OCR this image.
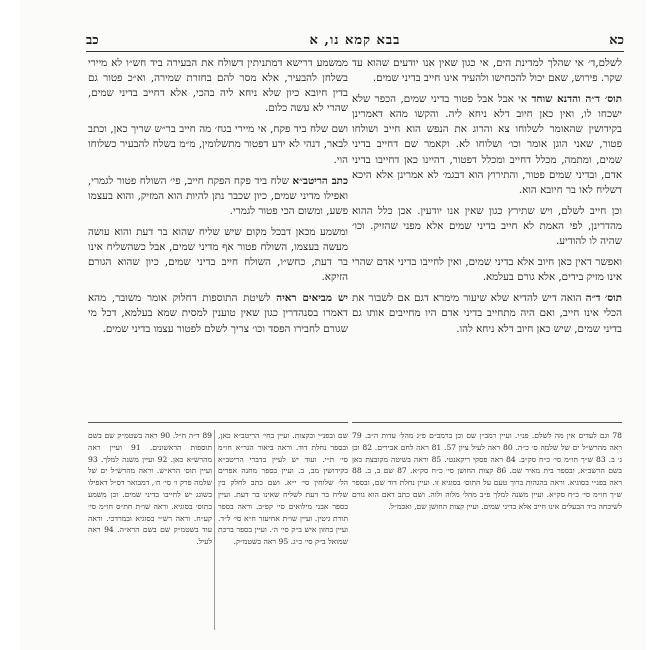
כא
בבא קמא נו, א
כב

לשלם,ד׳ אי שהלך למדינת הים, אי כגון שאין אנו יודעים שהוא עד שקר. פירוש, שאם יכול להכחישו ולהעיד אינו חייב בדיני שמים.

תוס׳ ד״ה והדנא שוחד אי אבל אבל פטור בדיני שמים, הכפר שלא ישכחו לו, ואין כאן חיוב דלא ניחא ליה. והקשו מהא דאמרינן בקידושין שהאומר לשלוחו צא והרוג את הנפש הוא חייב ושולחו פטור, שאני הוגן אומר וכו׳ ושלוחו לא. וקאמר שם דחייב בדיני שמים, ומתמה, מכלל דחייב ומכלל דפטור, דהיינו כאן דחייבו בדיני אדם, ובדיני שמים פטור, והתירוץ הוא דבגמ׳ לא אמרינן אלא היכא דשליח לאו בר חיובא הוא.

וכן חייב לשלם, ויש שתירץ כגון שאין אנו יודעין. אכן כלל ההוא מהדרינן, לפי האמת לא חייב בדיני שמים אלא מפני שהזיק. וכו׳ שהיה לו להודיע.

ואפשר דאין כאן חיוב אלא בדיני שמים, ואין לחייבו בדיני אדם שהרי אינו מזיק בידים, אלא גורם בעלמא.

תוס׳ ד״ה הואה דיש להדיא שלא שיעור מימרא דגם אם לשבור את הכלי אינו חייב, ואם היה מתחייב בדיני אדם היו מחייבים אותו גם בדיני שמים, שיש כאן חיוב דלא ניחא להו.

ממשמע דרישא דמתניתין דשולח את הבעירה ביד חש״ו לא מיירי בשלחן להבעיר, אלא מסר להם בחזרת שמירה, וא״כ פטור גם בדין חיובא כיון שלא ניחא ליה בהכי, אלא דחייב בדיני שמים, שהרי לא עשה כלום.

ושם שלח ביד פקח, אי מיירי בגח׳ מה חייב בר״ש שריך כאן, וכתב לבאר, דנהי לא ידע דפטור מתשלומין, מ״מ בשלח להבעיר כשלוחו הוי.

כתב הריטב״א שלח ביד פקח הפקח חייב, פי׳ השולח פטור לגמרי, ואפילו מדיני שמים, כיון שכבר נתן להיות הוא המזיק, והוא בעצמו פשע, ומשום הכי פטור לגמרי.

ומשמע מכאן דבכל מקום שיש שליח שהוא בר דעת והוא עושה מעשה בעצמו, השולח פטור אף מדיני שמים, אבל כשהשליח אינו בר דעת, כחש״ו, השולח חייב בדיני שמים, כיון שהוא הגורם הזיקא.

יש מביאים ראיה לשיטת התוספות דחלוק אומר משובר, מהא דאמרו בסנהדרין כגון שאין טוענין למסית שמא בעלמא, דכל מי שגורם לחבירו הפסד וכו׳ צריך לשלם לפטור עצמו בדיני שמים.

78 וגם לעדים אין מה לשלם. פנ״י. ועיין רמב״ן שם וכן ברמב״ם פ״ג מהל׳ עדות ה״ב. 79 ראה מהרש״ל ים של שלמה ס׳ כ״ה. 80 ראה לעיל ציון 57. 81 ראה לחם אבירים. 82 וכן ג׳ ב. 83 ש״ך חו״מ סי׳ כ״ח סק״ב. 84 ראה פסקי ריקאנטי. 85 וראה בשיטה מקובצת כאן בשם הרשב״א, ובספר בית מאיר שם. 86 קצות החושן סי׳ כ״ח סק״א. 87 שם ב, ב. 88 ראה בפנ״י בסוגיא. וראה בהגהות ברוך טעם על התוס׳ בסוגיא זו. ועיין נחלת דוד שם, ובספר ש״ך חו״מ סי׳ כ״ח סק״א. ועיין משנה למלך פ״ב מהל׳ מלוה ולוה. ושם כתב דאם הוא גורם לשיכחה ביד הבעלים אינו חייב אלא בדיני שמים. ועיין קצות החושן שם, ואכמ״ל.
שם ובפנ״י ובקצות. ועיין בחי׳ הריטב״א כאן, ובספר נחלת דוד. וראה ביאור הגר״א חו״מ סי׳ ת״י. ועוד יש לעיין בדברי הריטב״א בקידושין מב, ב. ועיין בספר מחנה אפרים הל׳ שלוחין סי׳ י״א. ושם כתב לחלק בין שליח בר דעת לשליח שאינו בר דעת. ועיין בספר אבני מילואים סי׳ קפ״ב. וראה בספר תורת גיטין. ועיין שו״ת אחיעזר ח״א סי׳ ל״ד. ועיין בחזון איש ב״ק סי׳ ה׳. ועיין בספר ברכת שמואל ב״ק סי׳ כ״ג. 95 ראה בשטמ״ק.
89 ד״ה ח״ל. 90 ראה בשטמ״ק שם בשם תוספות הראשונים. 91 ועיין ראה מהרש״א כאן. 92 ועיין משנה למלך. 93 ועיין תוס׳ הרא״ש. וראה מהרש״ל ים של שלמה פרק ו׳ סי׳ ח׳, דמבואר דס״ל דאפילו בשוגג יש לחייבו בדיני שמים. וכן משמע בתוס׳ בסוגיא. וראה שו״ת חת״ס חו״מ סי׳ קע״ח. וראה רש״י בסוגיא ובמרדכי. וראה עוד בשטמ״ק שם בשם הרא״ה. 94 ראה לעיל.
